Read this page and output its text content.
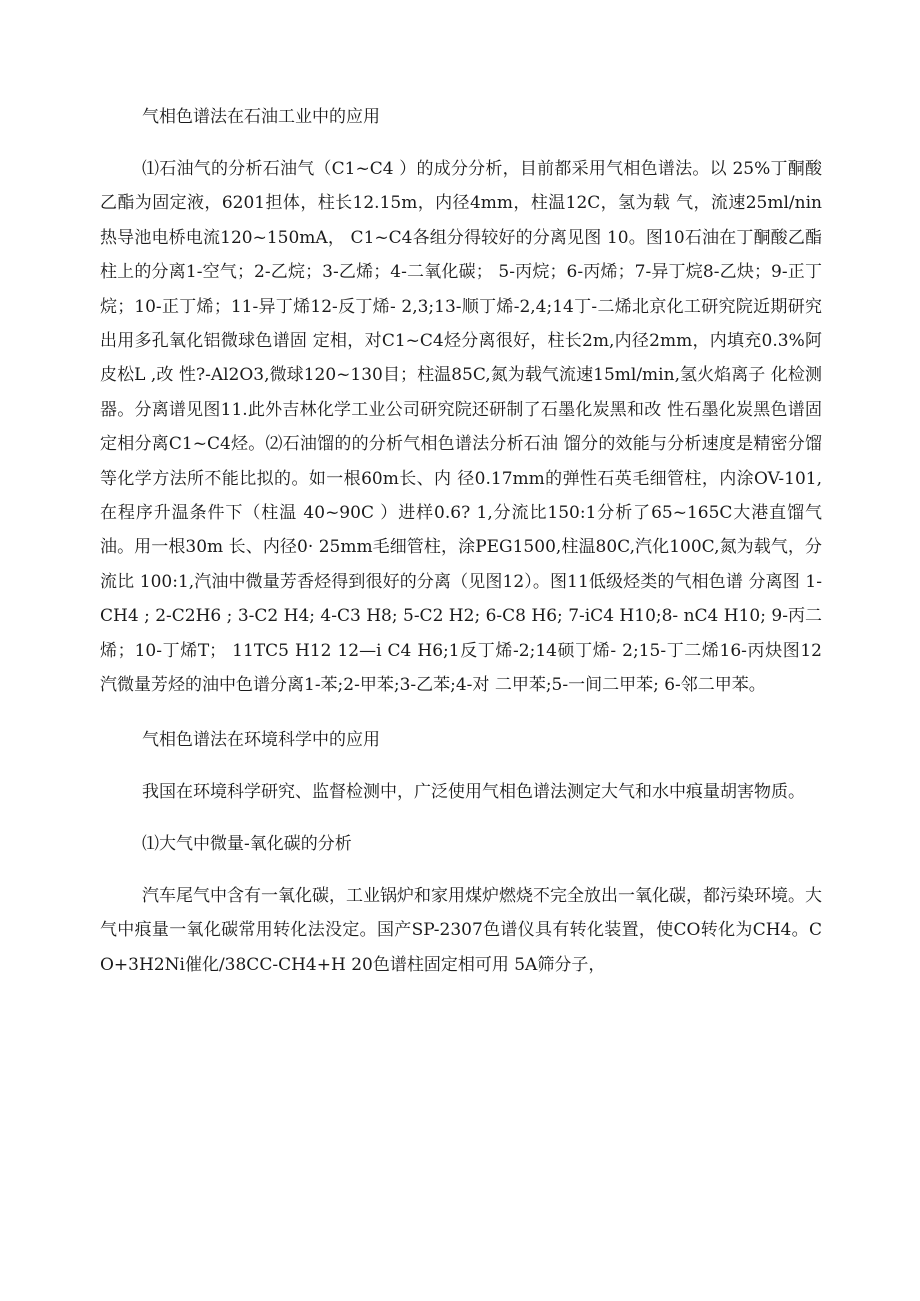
气相色谱法在石油工业中的应用

⑴石油气的分析石油气（C1~C4 ）的成分分析，目前都采用气相色谱法。以 25%丁酮酸乙酯为固定液，6201担体，柱长12.15m，内径4mm，柱温12C，氢为载 气，流速25ml/nin热导池电桥电流120~150mA， C1~C4各组分得较好的分离见图 10。图10石油在丁酮酸乙酯柱上的分离1-空气；2-乙烷；3-乙烯；4-二氧化碳； 5-丙烷；6-丙烯；7-异丁烷8-乙炔；9-正丁烷；10-正丁烯；11-异丁烯12-反丁烯- 2,3;13-顺丁烯-2,4;14丁-二烯北京化工研究院近期研究出用多孔氧化铝微球色谱固 定相，对C1~C4烃分离很好，柱长2m,内径2mm，内填充0.3%阿皮松L ,改 性?-Al2O3,微球120~130目；柱温85C,氮为载气流速15ml/min,氢火焰离子 化检测器。分离谱见图11.此外吉林化学工业公司研究院还研制了石墨化炭黑和改 性石墨化炭黑色谱固定相分离C1~C4烃。⑵石油馏的的分析气相色谱法分析石油 馏分的效能与分析速度是精密分馏等化学方法所不能比拟的。如一根60m长、内 径0.17mm的弹性石英毛细管柱，内涂OV-101,在程序升温条件下（柱温 40~90C ）进样0.6? 1,分流比150:1分析了65~165C大港直馏气油。用一根30m 长、内径0· 25mm毛细管柱，涂PEG1500,柱温80C,汽化100C,氮为载气，分流比 100:1,汽油中微量芳香烃得到很好的分离（见图12）。图11低级烃类的气相色谱 分离图 1-CH4 ; 2-C2H6 ; 3-C2 H4; 4-C3 H8; 5-C2 H2; 6-C8 H6; 7-iC4 H10;8- nC4 H10; 9-丙二烯；10-丁烯T； 11TC5 H12 12—i C4 H6;1反丁烯-2;14硕丁烯- 2;15-丁二烯16-丙炔图12汽微量芳烃的油中色谱分离1-苯;2-甲苯;3-乙苯;4-对 二甲苯;5-一间二甲苯; 6-邻二甲苯。

气相色谱法在环境科学中的应用

我国在环境科学研究、监督检测中，广泛使用气相色谱法测定大气和水中痕量胡害物质。

⑴大气中微量-氧化碳的分析

汽车尾气中含有一氧化碳，工业锅炉和家用煤炉燃烧不完全放出一氧化碳，都污染环境。大气中痕量一氧化碳常用转化法没定。国产SP-2307色谱仪具有转化装置，使CO转化为CH4。CO+3H2Ni催化/38CC-CH4+H 20色谱柱固定相可用 5A筛分子，
